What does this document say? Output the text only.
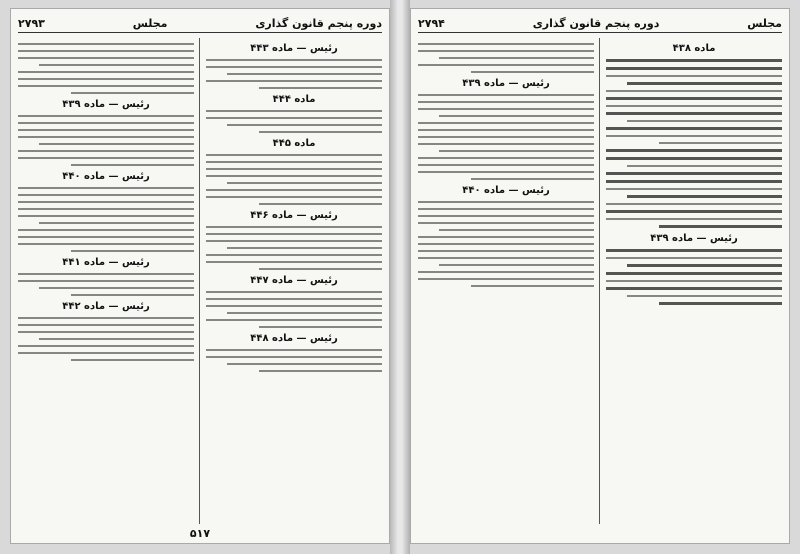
دوره پنجم قانون گذاری
مجلس
۲۷۹۳
رئیس — ماده ۴۴۳
ماده ۴۴۴
ماده ۴۴۵
رئیس — ماده ۴۴۶
رئیس — ماده ۴۴۷
رئیس — ماده ۴۴۸
رئیس — ماده ۴۳۹
رئیس — ماده ۴۴۰
رئیس — ماده ۴۴۱
رئیس — ماده ۴۴۲
۵۱۷
مجلس
دوره پنجم قانون گذاری
۲۷۹۴
ماده ۴۳۸
رئیس — ماده ۴۳۹
رئیس — ماده ۴۳۹
رئیس — ماده ۴۴۰
